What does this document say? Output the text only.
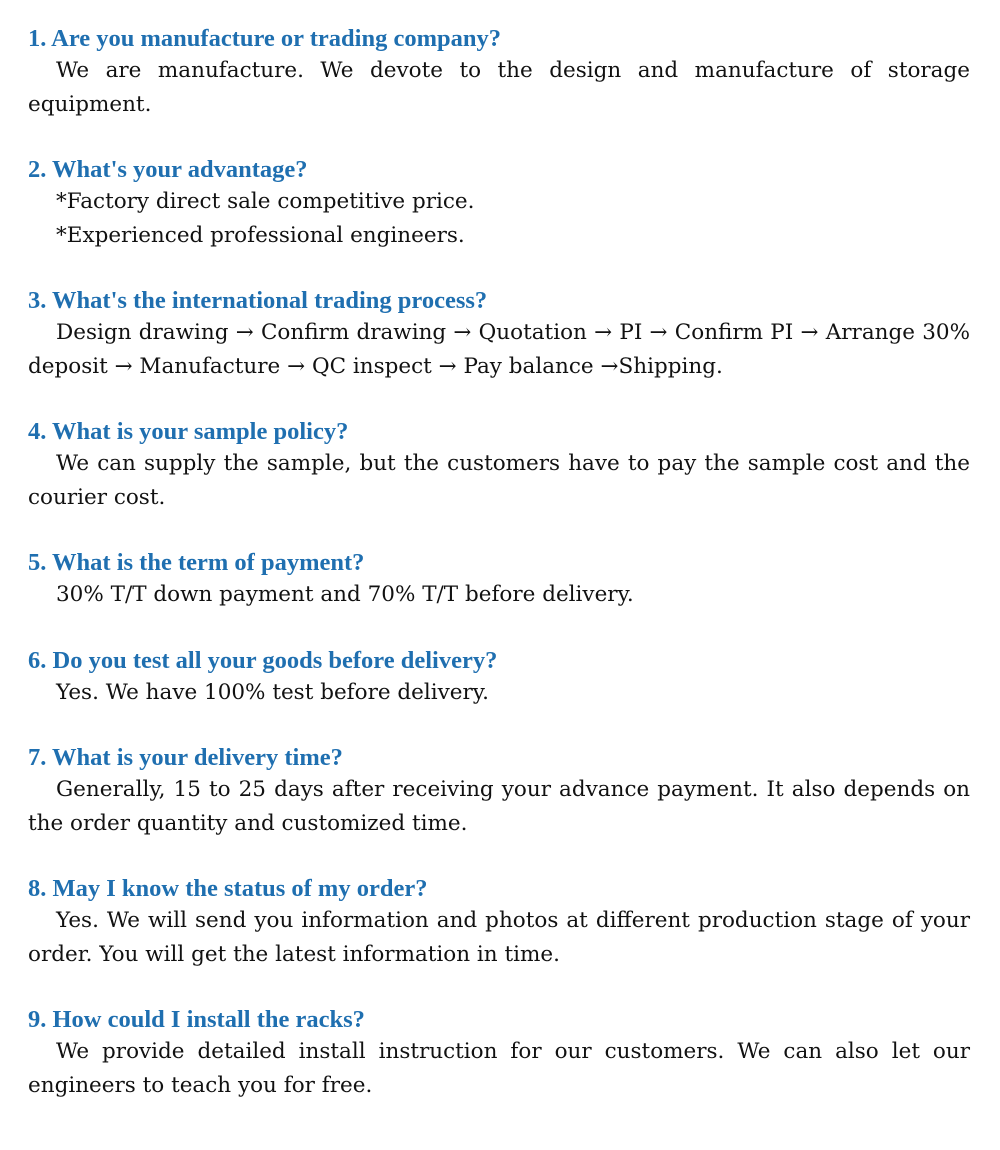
1. Are you manufacture or trading company?

We are manufacture. We devote to the design and manufacture of storage equipment.

2. What's your advantage?

*Factory direct sale competitive price.
*Experienced professional engineers.

3. What's the international trading process?

Design drawing → Confirm drawing → Quotation → PI → Confirm PI → Arrange 30% deposit → Manufacture → QC inspect → Pay balance →Shipping.

4. What is your sample policy?

We can supply the sample, but the customers have to pay the sample cost and the courier cost.

5. What is the term of payment?

30% T/T down payment and 70% T/T before delivery.

6. Do you test all your goods before delivery?

Yes. We have 100% test before delivery.

7. What is your delivery time?

Generally, 15 to 25 days after receiving your advance payment. It also depends on the order quantity and customized time.

8. May I know the status of my order?

Yes. We will send you information and photos at different production stage of your order. You will get the latest information in time.

9. How could I install the racks?

We provide detailed install instruction for our customers. We can also let our engineers to teach you for free.
